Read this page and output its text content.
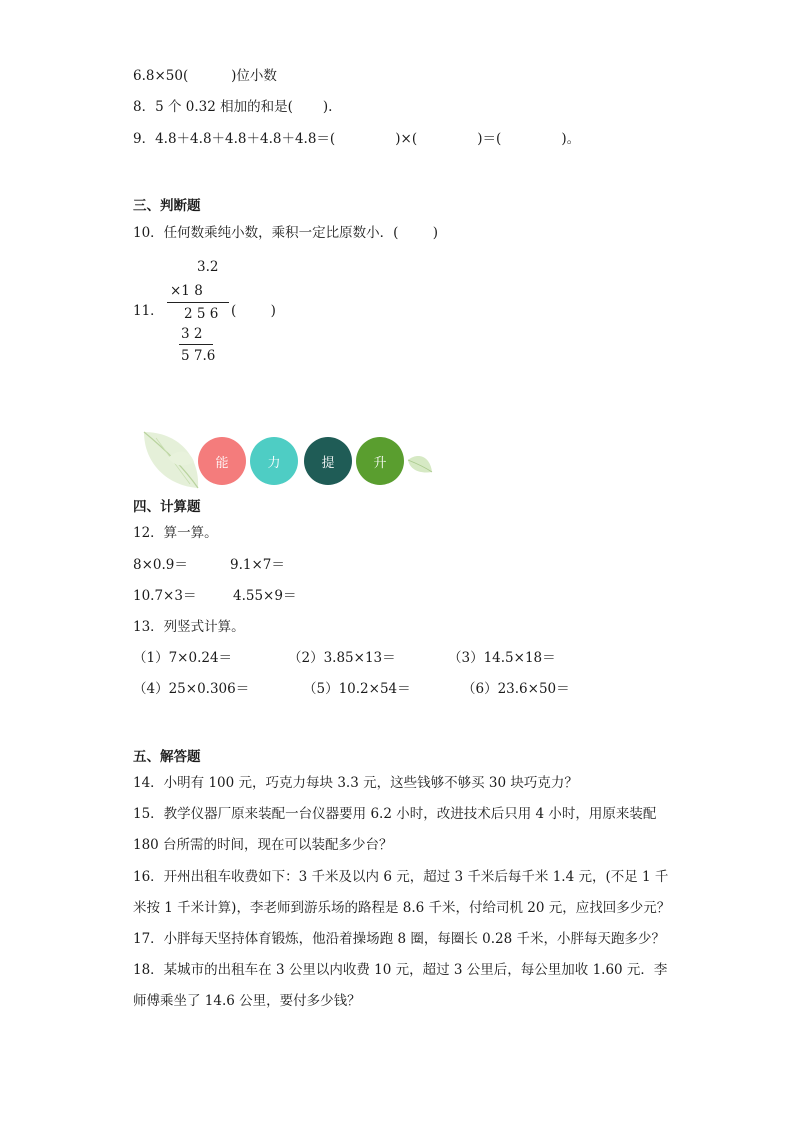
6.8×50(          )位小数
8．5 个 0.32 相加的和是(       ).
9．4.8＋4.8＋4.8＋4.8＋4.8＝(              )×(              )＝(              )。
三、判断题
10．任何数乘纯小数，乘积一定比原数小．(        )
11．
3.2
×1 8
2 5 6
3 2
5 7.6
(        )
能	力	提	升
四、计算题
12．算一算。
8×0.9＝	9.1×7＝
10.7×3＝	4.55×9＝
13．列竖式计算。
（1）7×0.24＝	（2）3.85×13＝	（3）14.5×18＝
（4）25×0.306＝	（5）10.2×54＝	（6）23.6×50＝
五、解答题
14．小明有 100 元，巧克力每块 3.3 元，这些钱够不够买 30 块巧克力？
15．教学仪器厂原来装配一台仪器要用 6.2 小时，改进技术后只用 4 小时，用原来装配
180 台所需的时间，现在可以装配多少台？
16．开州出租车收费如下：3 千米及以内 6 元，超过 3 千米后每千米 1.4 元，(不足 1 千
米按 1 千米计算)，李老师到游乐场的路程是 8.6 千米，付给司机 20 元，应找回多少元？
17．小胖每天坚持体育锻炼，他沿着操场跑 8 圈，每圈长 0.28 千米，小胖每天跑多少？
18．某城市的出租车在 3 公里以内收费 10 元，超过 3 公里后，每公里加收 1.60 元．李
师傅乘坐了 14.6 公里，要付多少钱？
